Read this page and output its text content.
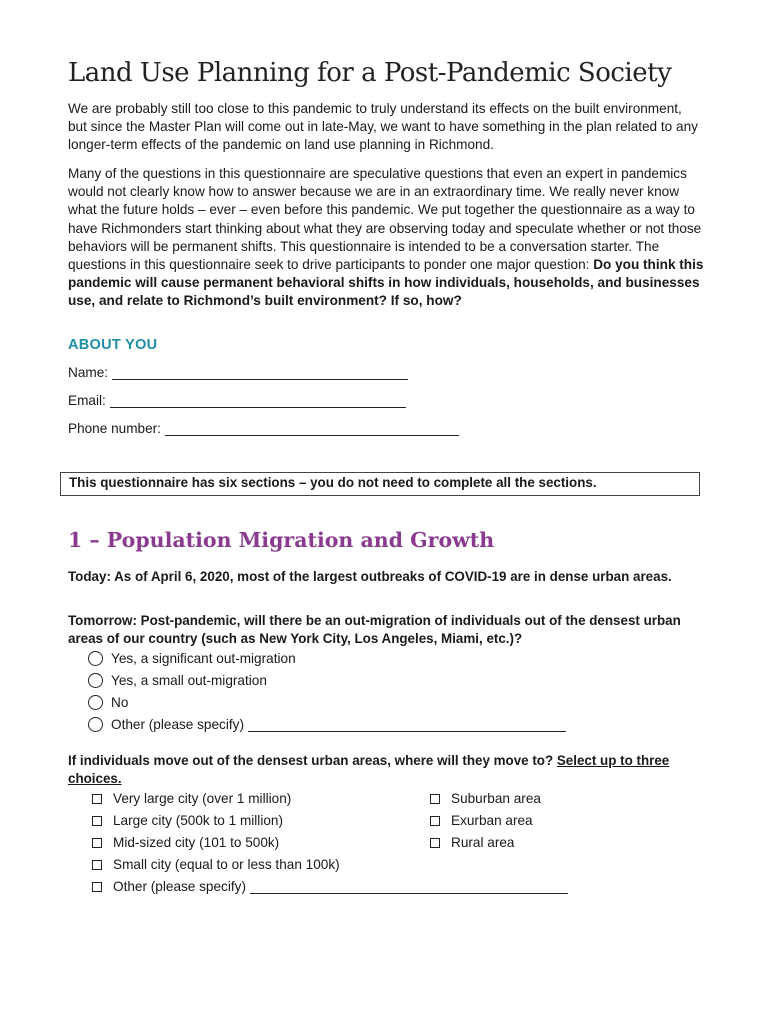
Land Use Planning for a Post-Pandemic Society

We are probably still too close to this pandemic to truly understand its effects on the built environment, but since the Master Plan will come out in late-May, we want to have something in the plan related to any longer-term effects of the pandemic on land use planning in Richmond.

Many of the questions in this questionnaire are speculative questions that even an expert in pandemics would not clearly know how to answer because we are in an extraordinary time. We really never know what the future holds – ever – even before this pandemic. We put together the questionnaire as a way to have Richmonders start thinking about what they are observing today and speculate whether or not those behaviors will be permanent shifts. This questionnaire is intended to be a conversation starter. The questions in this questionnaire seek to drive participants to ponder one major question: Do you think this pandemic will cause permanent behavioral shifts in how individuals, households, and businesses use, and relate to Richmond’s built environment? If so, how?

ABOUT YOU
Name:
Email:
Phone number:
This questionnaire has six sections – you do not need to complete all the sections.
1 – Population Migration and Growth

Today: As of April 6, 2020, most of the largest outbreaks of COVID-19 are in dense urban areas.

Tomorrow: Post-pandemic, will there be an out-migration of individuals out of the densest urban areas of our country (such as New York City, Los Angeles, Miami, etc.)?

Yes, a significant out-migration
Yes, a small out-migration
No
Other (please specify)

If individuals move out of the densest urban areas, where will they move to? Select up to three choices.

Very large city (over 1 million)
Large city (500k to 1 million)
Mid-sized city (101 to 500k)
Small city (equal to or less than 100k)
Other (please specify)
Suburban area
Exurban area
Rural area
